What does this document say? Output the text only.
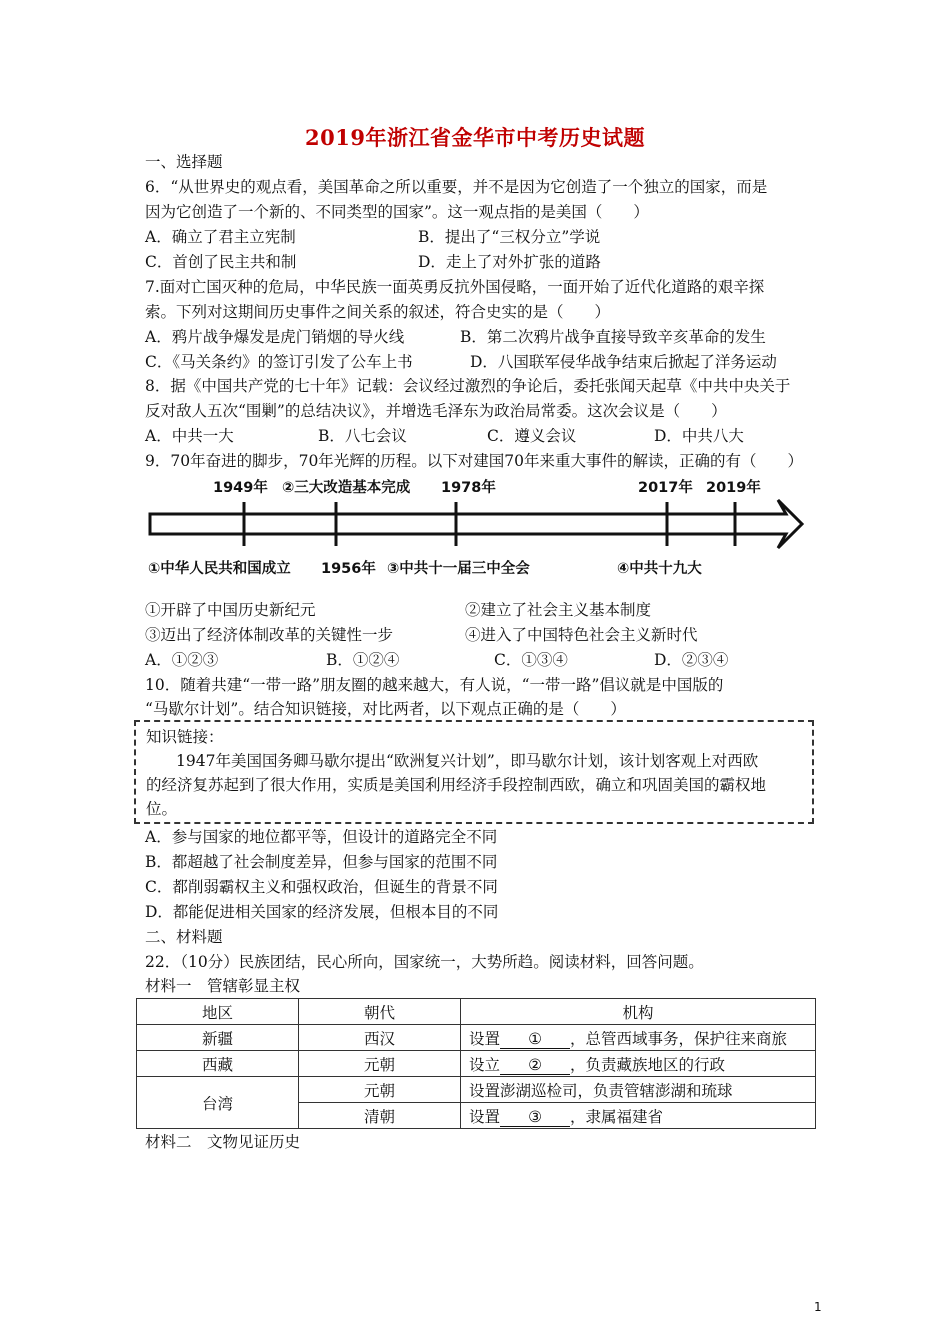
2019年浙江省金华市中考历史试题
一、选择题
6．“从世界史的观点看，美国革命之所以重要，并不是因为它创造了一个独立的国家，而是
因为它创造了一个新的、不同类型的国家”。这一观点指的是美国（　　）
A．确立了君主立宪制	B．提出了“三权分立”学说
C．首创了民主共和制	D．走上了对外扩张的道路
7.面对亡国灭种的危局，中华民族一面英勇反抗外国侵略，一面开始了近代化道路的艰辛探
索。下列对这期间历史事件之间关系的叙述，符合史实的是（　　）
A．鸦片战争爆发是虎门销烟的导火线	B．第二次鸦片战争直接导致辛亥革命的发生
C．《马关条约》的签订引发了公车上书	D．八国联军侵华战争结束后掀起了洋务运动
8．据《中国共产党的七十年》记载：会议经过激烈的争论后，委托张闻天起草《中共中央关于
反对敌人五次“围剿”的总结决议》，并增选毛泽东为政治局常委。这次会议是（　　）
A．中共一大	B．八七会议	C．遵义会议	D．中共八大
9．70年奋进的脚步，70年光辉的历程。以下对建国70年来重大事件的解读，正确的有（　　）
1949年 ②三大改造基本完成 1978年	2017年 2019年
①中华人民共和国成立 1956年 ③中共十一届三中全会	④中共十九大
①开辟了中国历史新纪元	②建立了社会主义基本制度
③迈出了经济体制改革的关键性一步	④进入了中国特色社会主义新时代
A．①②③	B．①②④	C．①③④	D．②③④
10．随着共建“一带一路”朋友圈的越来越大，有人说，“一带一路”倡议就是中国版的
“马歇尔计划”。结合知识链接，对比两者，以下观点正确的是（　　）
知识链接：
1947年美国国务卿马歇尔提出“欧洲复兴计划”，即马歇尔计划，该计划客观上对西欧
的经济复苏起到了很大作用，实质是美国利用经济手段控制西欧，确立和巩固美国的霸权地
位。
A．参与国家的地位都平等，但设计的道路完全不同
B．都超越了社会制度差异，但参与国家的范围不同
C．都削弱霸权主义和强权政治，但诞生的背景不同
D．都能促进相关国家的经济发展，但根本目的不同
二、材料题
22．（10分）民族团结，民心所向，国家统一，大势所趋。阅读材料，回答问题。
材料一　管辖彰显主权
地区	朝代	机构
新疆	西汉	设置 ① ，总管西域事务，保护往来商旅
西藏	元朝	设立 ② ，负责藏族地区的行政
台湾	元朝	设置澎湖巡检司，负责管辖澎湖和琉球
	清朝	设置 ③ ，隶属福建省
材料二　文物见证历史
1
